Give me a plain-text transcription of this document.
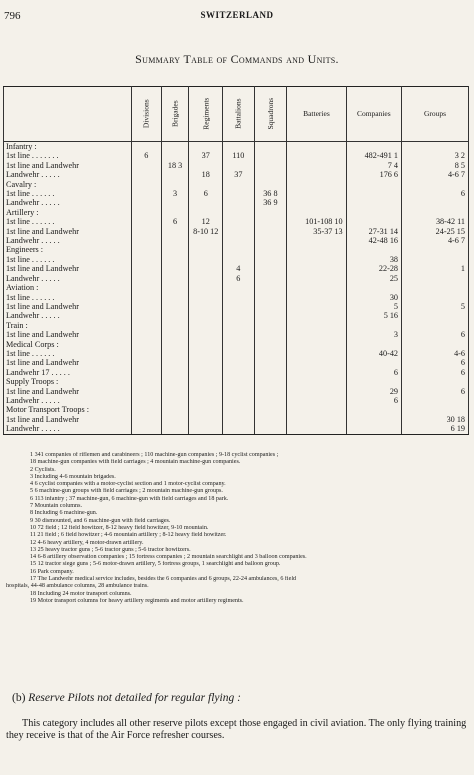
796	SWITZERLAND
Summary Table of Commands and Units.
	Divisions	Brigades	Regiments	Battalions	Squadrons	Batteries	Companies	Groups
Infantry :								
1st line . . . . . . .	6		37	110			482-491 1	3 2
1st line and Landwehr		18 3					7 4	8 5
Landwehr . . . . .			18	37			176 6	4-6 7
Cavalry :								
1st line . . . . . .		3	6		36 8			6
Landwehr . . . . .					36 9			
Artillery :								
1st line . . . . . .		6	12			101-108 10		38-42 11
1st line and Landwehr			8-10 12			35-37 13	27-31 14	24-25 15
Landwehr . . . . .							42-48 16	4-6 7
Engineers :								
1st line . . . . . .							38	
1st line and Landwehr				4			22-28	1
Landwehr . . . . .				6			25	
Aviation :								
1st line . . . . . .							30	
1st line and Landwehr							5	5
Landwehr . . . . .							5 16	
Train :								
1st line and Landwehr							3	6
Medical Corps :								
1st line . . . . . .							40-42	4-6
1st line and Landwehr								6
Landwehr 17 . . . . .							6	6
Supply Troops :								
1st line and Landwehr							29	6
Landwehr . . . . .							6	
Motor Transport Troops :								
1st line and Landwehr								30 18
Landwehr . . . . .								6 19
1 341 companies of riflemen and carabineers ; 110 machine-gun companies ; 9-18 cyclist companies ;
18 machine-gun companies with field carriages ; 4 mountain machine-gun companies.
2 Cyclists.
3 Including 4-6 mountain brigades.
4 6 cyclist companies with a motor-cyclist section and 1 motor-cyclist company.
5 6 machine-gun groups with field carriages ; 2 mountain machine-gun groups.
6 113 infantry ; 37 machine-gun, 6 machine-gun with field carriages and 18 park.
7 Mountain columns.
8 Including 6 machine-gun.
9 30 dismounted, and 6 machine-gun with field carriages.
10 72 field ; 12 field howitzer, 8-12 heavy field howitzer, 9-10 mountain.
11 21 field ; 6 field howitzer ; 4-6 mountain artillery ; 8-12 heavy field howitzer.
12 4-6 heavy artillery, 4 motor-drawn artillery.
13 25 heavy tractor guns ; 5-6 tractor guns ; 5-6 tractor howitzers.
14 6-8 artillery observation companies ; 15 fortress companies ; 2 mountain searchlight and 3 balloon companies.
15 12 tractor siege guns ; 5-6 motor-drawn artillery, 5 fortress groups, 1 searchlight and balloon group.
16 Park company.
17 The Landwehr medical service includes, besides the 6 companies and 6 groups, 22-24 ambulances, 6 field
hospitals, 44-48 ambulance columns, 28 ambulance trains.
18 Including 24 motor transport columns.
19 Motor transport columns for heavy artillery regiments and motor artillery regiments.
(b) Reserve Pilots not detailed for regular flying :
This category includes all other reserve pilots except those engaged in civil aviation. The only flying training they receive is that of the Air Force refresher courses.
